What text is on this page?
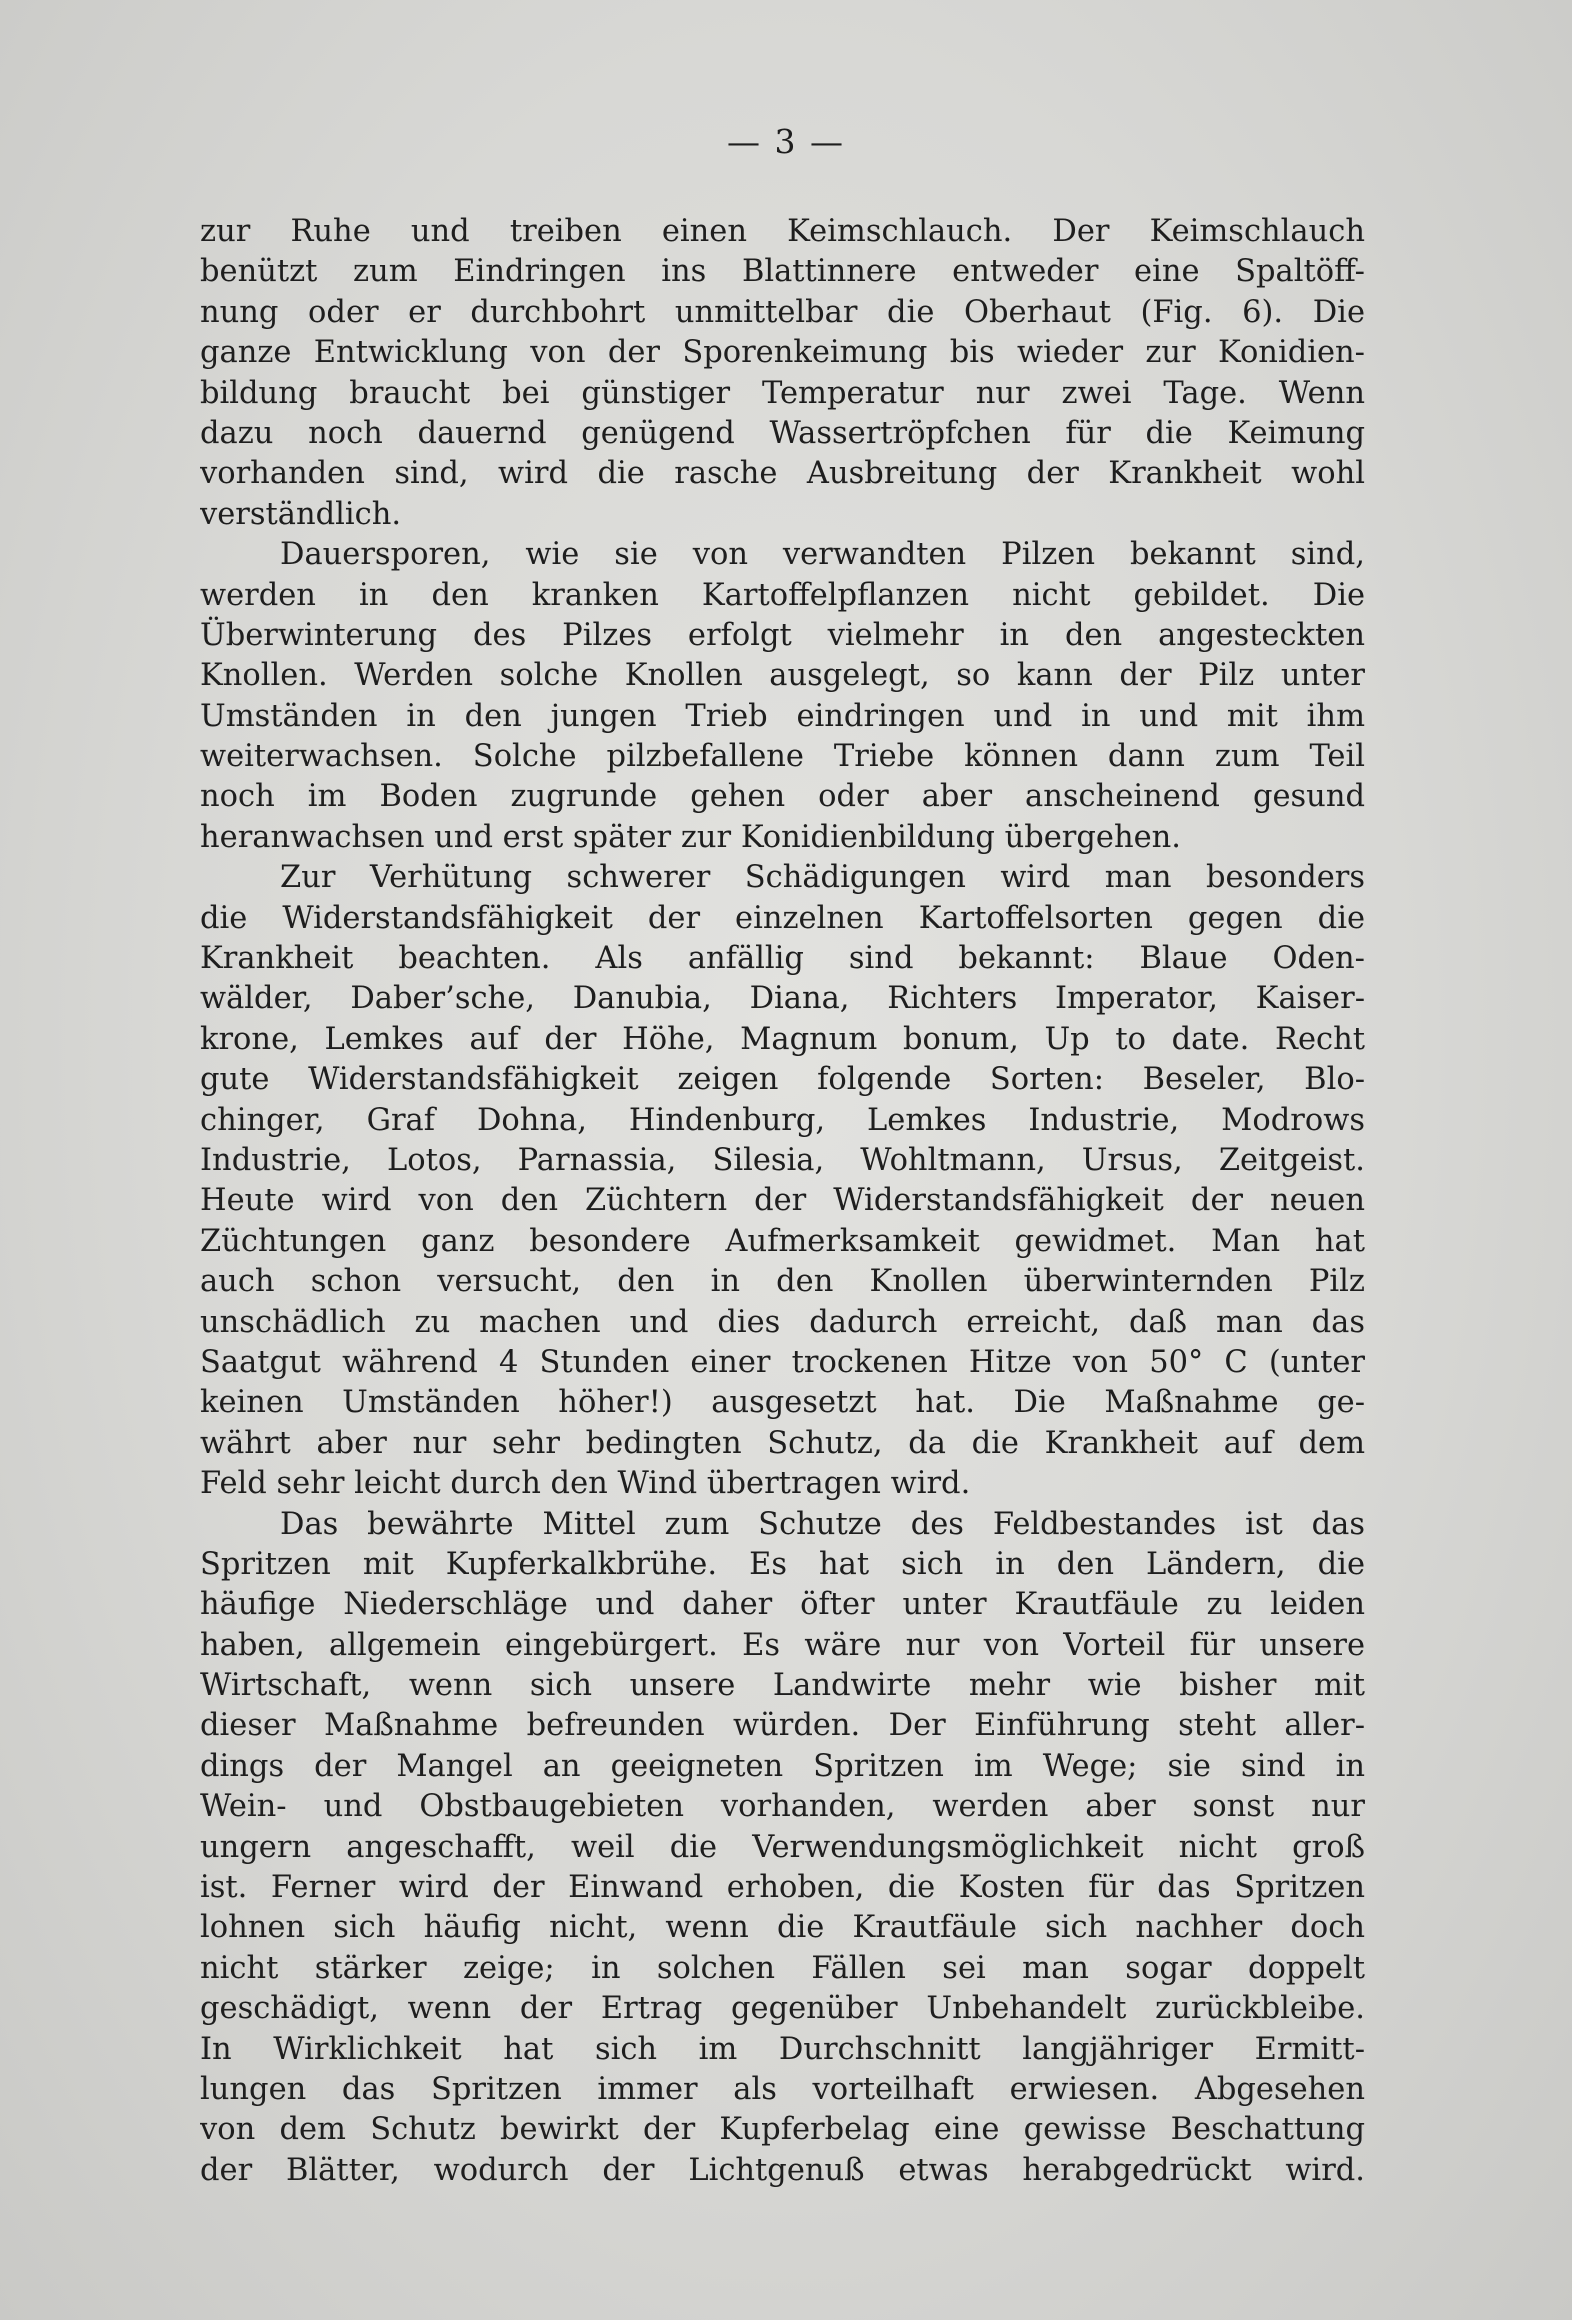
— 3 —
zur Ruhe und treiben einen Keimschlauch. Der Keimschlauch
benützt zum Eindringen ins Blattinnere entweder eine Spaltöff-
nung oder er durchbohrt unmittelbar die Oberhaut (Fig. 6). Die
ganze Entwicklung von der Sporenkeimung bis wieder zur Konidien-
bildung braucht bei günstiger Temperatur nur zwei Tage. Wenn
dazu noch dauernd genügend Wassertröpfchen für die Keimung
vorhanden sind, wird die rasche Ausbreitung der Krankheit wohl
verständlich.
Dauersporen, wie sie von verwandten Pilzen bekannt sind,
werden in den kranken Kartoffelpflanzen nicht gebildet. Die
Überwinterung des Pilzes erfolgt vielmehr in den angesteckten
Knollen. Werden solche Knollen ausgelegt, so kann der Pilz unter
Umständen in den jungen Trieb eindringen und in und mit ihm
weiterwachsen. Solche pilzbefallene Triebe können dann zum Teil
noch im Boden zugrunde gehen oder aber anscheinend gesund
heranwachsen und erst später zur Konidienbildung übergehen.
Zur Verhütung schwerer Schädigungen wird man besonders
die Widerstandsfähigkeit der einzelnen Kartoffelsorten gegen die
Krankheit beachten. Als anfällig sind bekannt: Blaue Oden-
wälder, Daber’sche, Danubia, Diana, Richters Imperator, Kaiser-
krone, Lemkes auf der Höhe, Magnum bonum, Up to date. Recht
gute Widerstandsfähigkeit zeigen folgende Sorten: Beseler, Blo-
chinger, Graf Dohna, Hindenburg, Lemkes Industrie, Modrows
Industrie, Lotos, Parnassia, Silesia, Wohltmann, Ursus, Zeitgeist.
Heute wird von den Züchtern der Widerstandsfähigkeit der neuen
Züchtungen ganz besondere Aufmerksamkeit gewidmet. Man hat
auch schon versucht, den in den Knollen überwinternden Pilz
unschädlich zu machen und dies dadurch erreicht, daß man das
Saatgut während 4 Stunden einer trockenen Hitze von 50° C (unter
keinen Umständen höher!) ausgesetzt hat. Die Maßnahme ge-
währt aber nur sehr bedingten Schutz, da die Krankheit auf dem
Feld sehr leicht durch den Wind übertragen wird.
Das bewährte Mittel zum Schutze des Feldbestandes ist das
Spritzen mit Kupferkalkbrühe. Es hat sich in den Ländern, die
häufige Niederschläge und daher öfter unter Krautfäule zu leiden
haben, allgemein eingebürgert. Es wäre nur von Vorteil für unsere
Wirtschaft, wenn sich unsere Landwirte mehr wie bisher mit
dieser Maßnahme befreunden würden. Der Einführung steht aller-
dings der Mangel an geeigneten Spritzen im Wege; sie sind in
Wein- und Obstbaugebieten vorhanden, werden aber sonst nur
ungern angeschafft, weil die Verwendungsmöglichkeit nicht groß
ist. Ferner wird der Einwand erhoben, die Kosten für das Spritzen
lohnen sich häufig nicht, wenn die Krautfäule sich nachher doch
nicht stärker zeige; in solchen Fällen sei man sogar doppelt
geschädigt, wenn der Ertrag gegenüber Unbehandelt zurückbleibe.
In Wirklichkeit hat sich im Durchschnitt langjähriger Ermitt-
lungen das Spritzen immer als vorteilhaft erwiesen. Abgesehen
von dem Schutz bewirkt der Kupferbelag eine gewisse Beschattung
der Blätter, wodurch der Lichtgenuß etwas herabgedrückt wird.
